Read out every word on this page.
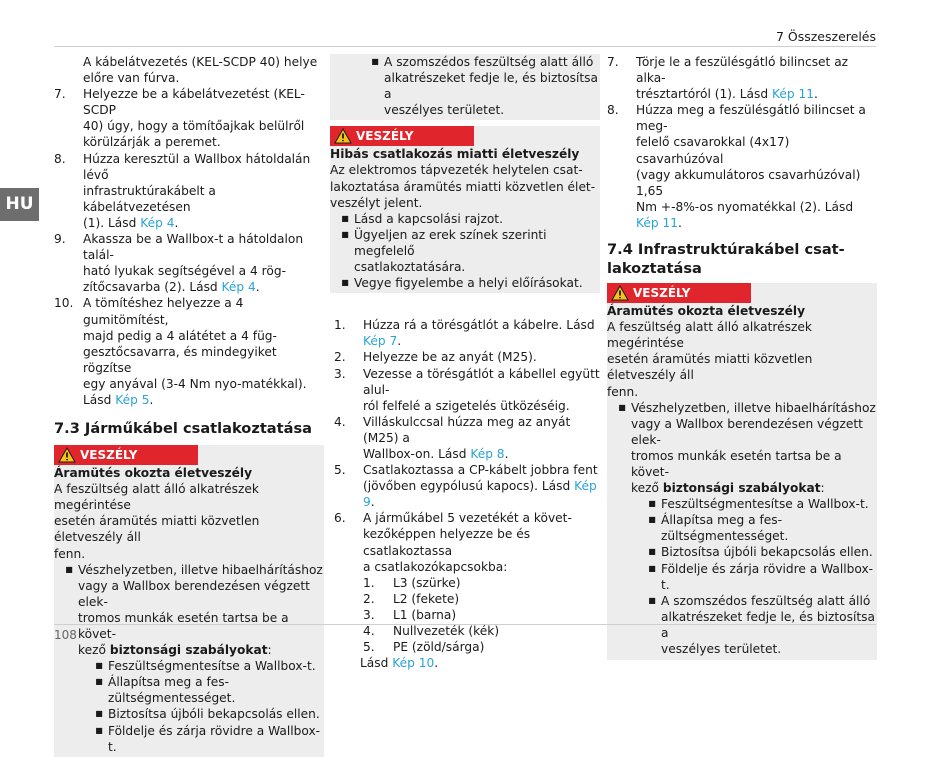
7 Összeszerelés
HU
A kábelátvezetés (KEL-SCDP 40) helye
előre van fúrva.
7.	Helyezze be a kábelátvezetést (KEL-SCDP
40) úgy, hogy a tömítőajkak belülről
körülzárják a peremet.
8.	Húzza keresztül a Wallbox hátoldalán lévő
infrastruktúrakábelt a kábelátvezetésen
(1). Lásd Kép 4.
9.	Akassza be a Wallbox-t a hátoldalon talál-
ható lyukak segítségével a 4 rög-
zítőcsavarba (2). Lásd Kép 4.
10. A tömítéshez helyezze a 4 gumitömítést,
majd pedig a 4 alátétet a 4 füg-
gesztőcsavarra, és mindegyiket rögzítse
egy anyával (3-4 Nm nyo-matékkal).
Lásd Kép 5.
7.3 Járműkábel csatlakoztatása
VESZÉLY
Áramütés okozta életveszély
A feszültség alatt álló alkatrészek megérintése
esetén áramütés miatti közvetlen életveszély áll
fenn.
■ Vészhelyzetben, illetve hibaelhárításhoz
vagy a Wallbox berendezésen végzett elek-
tromos munkák esetén tartsa be a követ-
kező biztonsági szabályokat:
■ Feszültségmentesítse a Wallbox-t.
■ Állapítsa meg a fes-
zültségmentességet.
■ Biztosítsa újbóli bekapcsolás ellen.
■ Földelje és zárja rövidre a Wallbox-t.
■ A szomszédos feszültség alatt álló
alkatrészeket fedje le, és biztosítsa a
veszélyes területet.
VESZÉLY
Hibás csatlakozás miatti életveszély
Az elektromos tápvezeték helytelen csat-
lakoztatása áramütés miatti közvetlen élet-
veszélyt jelent.
■ Lásd a kapcsolási rajzot.
■ Ügyeljen az erek színek szerinti megfelelő
csatlakoztatására.
■ Vegye figyelembe a helyi előírásokat.
1.	Húzza rá a törésgátlót a kábelre. Lásd
Kép 7.
2.	Helyezze be az anyát (M25).
3.	Vezesse a törésgátlót a kábellel együtt alul-
ról felfelé a szigetelés ütközéséig.
4.	Villáskulccsal húzza meg az anyát (M25) a
Wallbox-on. Lásd Kép 8.
5.	Csatlakoztassa a CP-kábelt jobbra fent
(jövőben egypólusú kapocs). Lásd Kép 9.
6.	A járműkábel 5 vezetékét a követ-
kezőképpen helyezze be és csatlakoztassa
a csatlakozókapcsokba:
1.	L3 (szürke)
2.	L2 (fekete)
3.	L1 (barna)
4.	Nullvezeték (kék)
5.	PE (zöld/sárga)
Lásd Kép 10.
7.	Törje le a feszülésgátló bilincset az alka-
trésztartóról (1). Lásd Kép 11.
8.	Húzza meg a feszülésgátló bilincset a meg-
felelő csavarokkal (4x17) csavarhúzóval
(vagy akkumulátoros csavarhúzóval) 1,65
Nm +-8%-os nyomatékkal (2). Lásd
Kép 11.
7.4 Infrastruktúrakábel csat-
lakoztatása
VESZÉLY
Áramütés okozta életveszély
A feszültség alatt álló alkatrészek megérintése
esetén áramütés miatti közvetlen életveszély áll
fenn.
■ Vészhelyzetben, illetve hibaelhárításhoz
vagy a Wallbox berendezésen végzett elek-
tromos munkák esetén tartsa be a követ-
kező biztonsági szabályokat:
■ Feszültségmentesítse a Wallbox-t.
■ Állapítsa meg a fes-
zültségmentességet.
■ Biztosítsa újbóli bekapcsolás ellen.
■ Földelje és zárja rövidre a Wallbox-t.
■ A szomszédos feszültség alatt álló
alkatrészeket fedje le, és biztosítsa a
veszélyes területet.
108
